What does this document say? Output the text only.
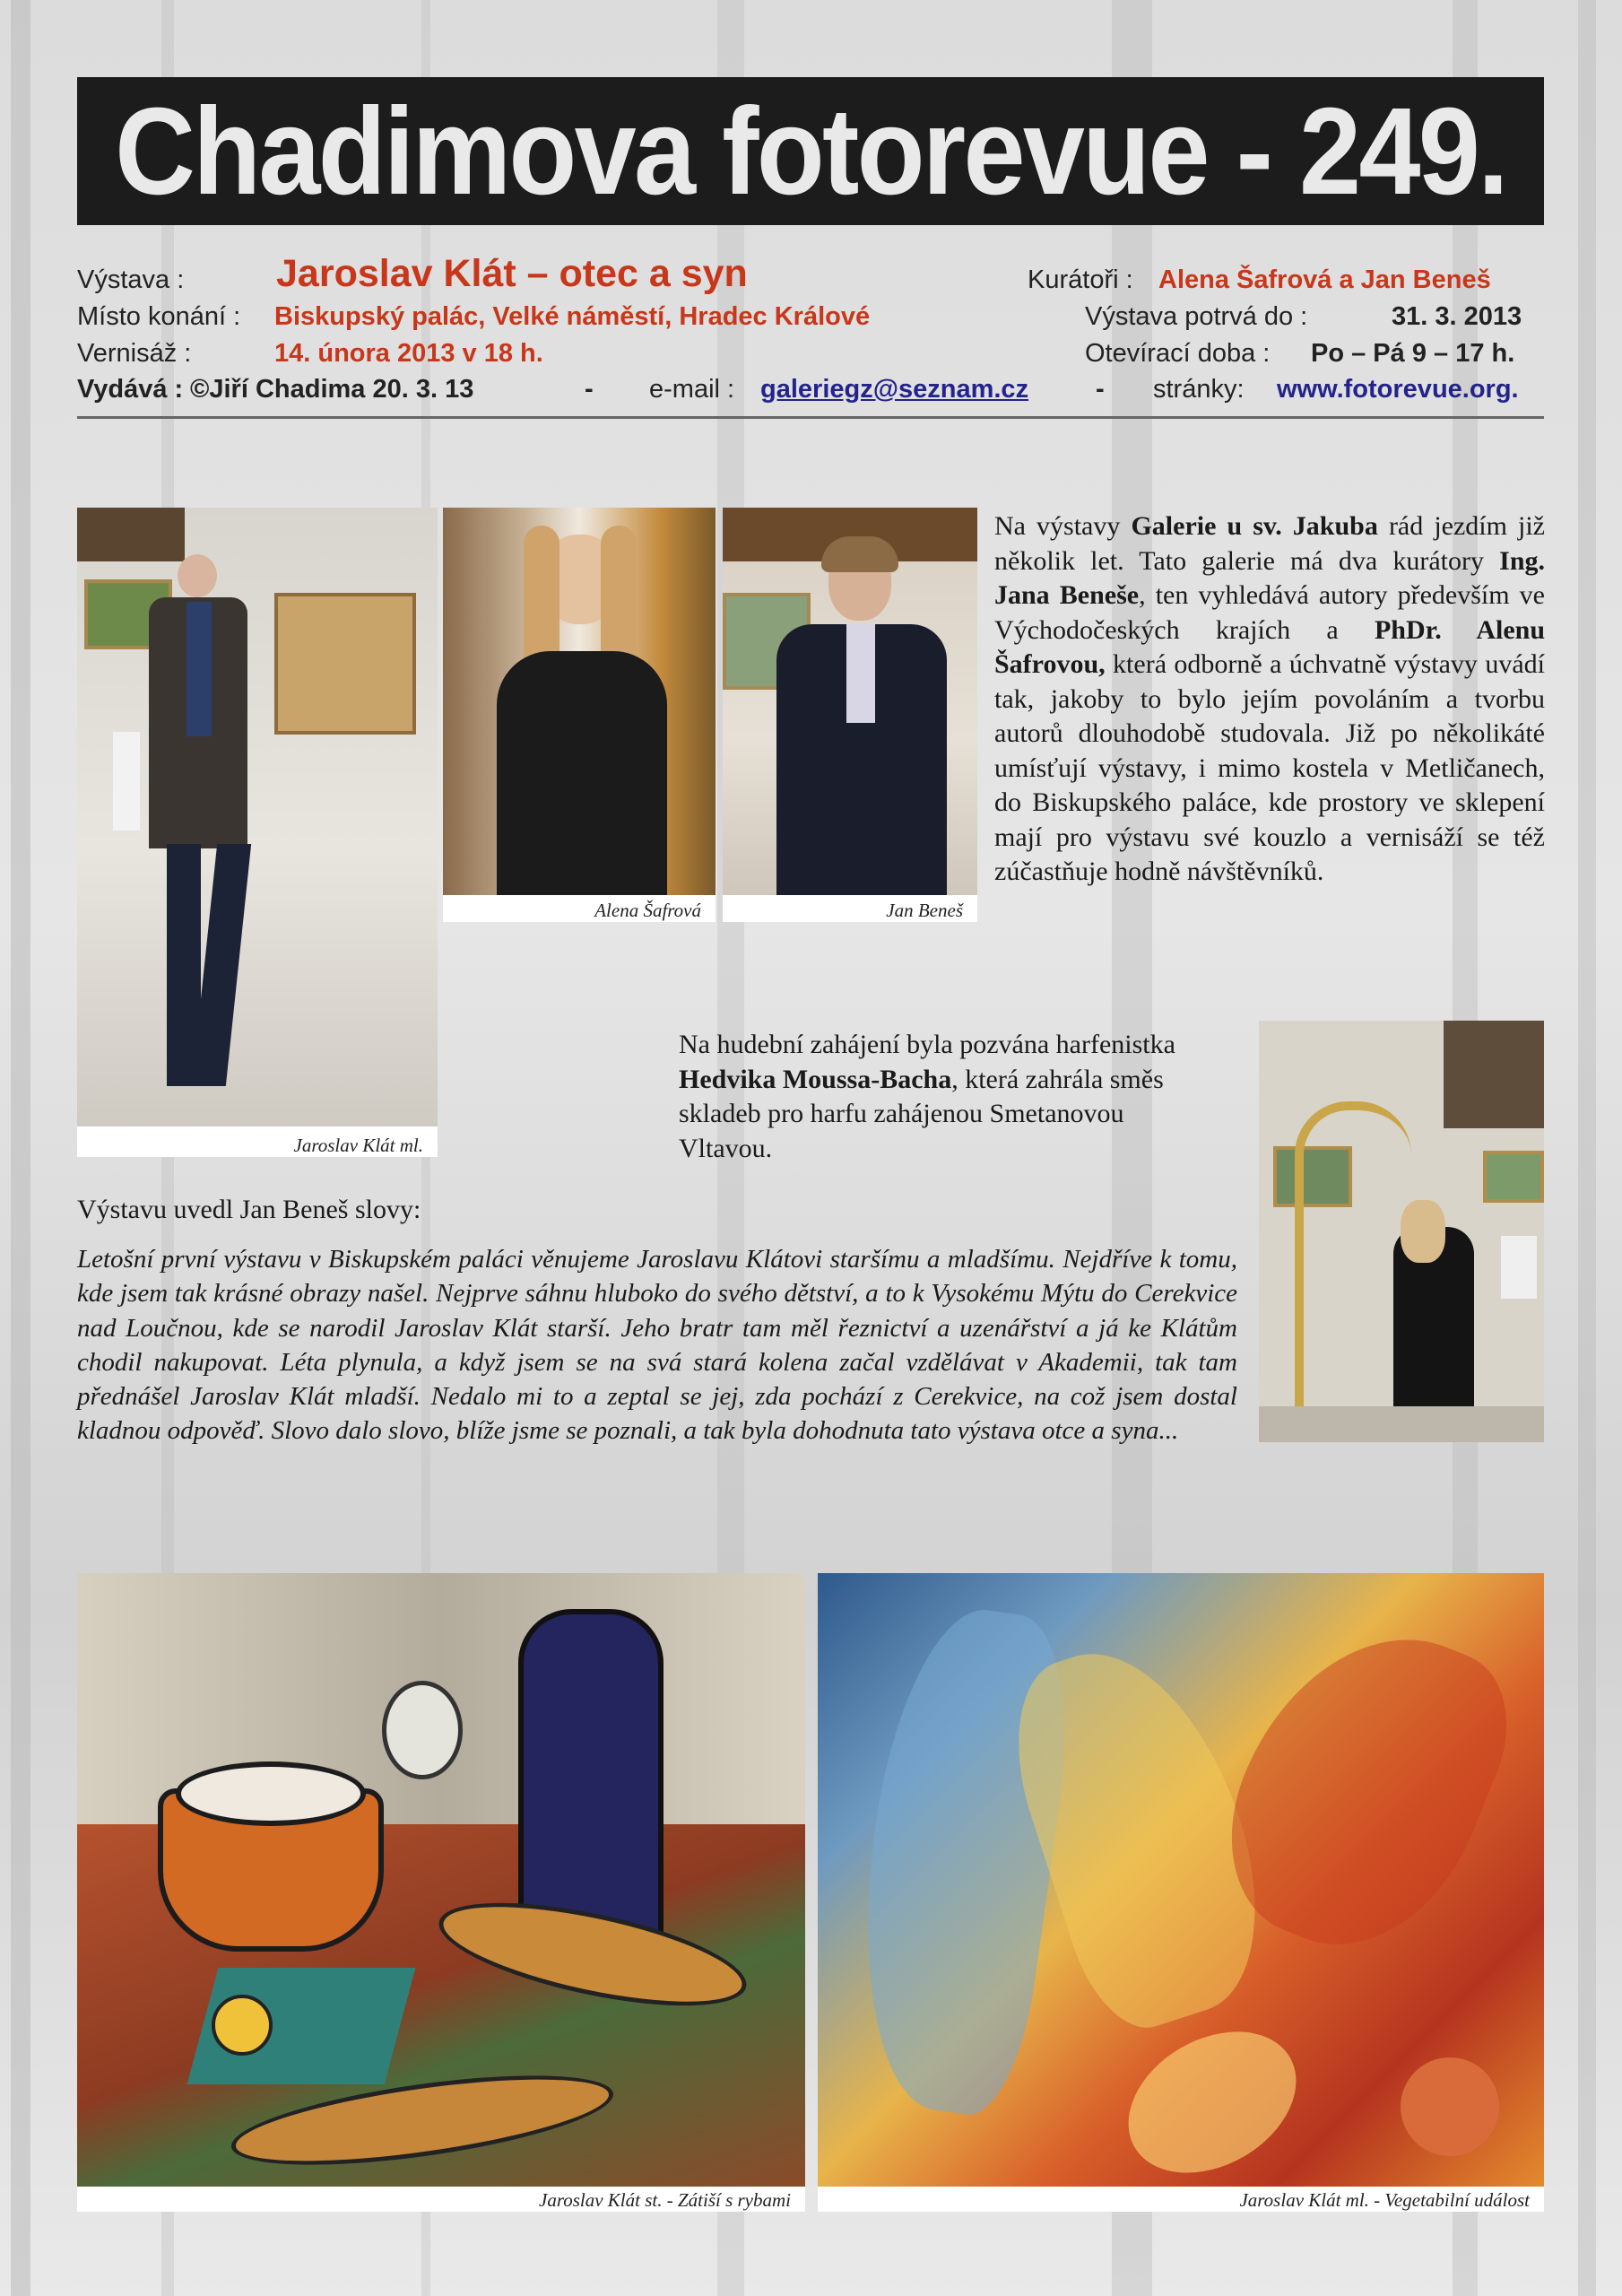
Chadimova fotorevue - 249.
Výstava : Jaroslav Klát – otec a syn
Místo konání : Biskupský palác, Velké náměstí, Hradec Králové
Vernisáž :	14. února 2013 v 18 h.
Vydává : ©Jiří Chadima 20. 3. 13	- e-mail : galeriegz@seznam.cz	- stránky: www.fotorevue.org.
Kurátoři : Alena Šafrová a Jan Beneš
Výstava potrvá do :	31. 3. 2013
Otevírací doba : Po – Pá 9 – 17 h.
Jaroslav Klát ml.
Alena Šafrová	Jan Beneš
Na výstavy Galerie u sv. Jakuba rád jezdím již několik let. Tato galerie má dva kurátory Ing. Jana Beneše, ten vyhledává autory především ve Východočeských krajích a PhDr. Alenu Šafrovou, která odborně a úchvatně výstavy uvádí tak, jakoby to bylo jejím povoláním a tvorbu autorů dlouhodobě studovala. Již po několikáté umísťují výstavy, i mimo kostela v Metličanech, do Biskupského paláce, kde prostory ve sklepení mají pro výstavu své kouzlo a vernisáží se též zúčastňuje hodně návštěvníků.
Na hudební zahájení byla pozvána harfenistka Hedvika Moussa-Bacha, která zahrála směs skladeb pro harfu zahájenou Smetanovou Vltavou.
Výstavu uvedl Jan Beneš slovy:
Letošní první výstavu v Biskupském paláci věnujeme Jaroslavu Klátovi staršímu a mladšímu. Nejdříve k tomu, kde jsem tak krásné obrazy našel. Nejprve sáhnu hluboko do svého dětství, a to k Vysokému Mýtu do Cerekvice nad Loučnou, kde se narodil Jaroslav Klát starší. Jeho bratr tam měl řeznictví a uzenářství a já ke Klátům chodil nakupovat. Léta plynula, a když jsem se na svá stará kolena začal vzdělávat v Akademii, tak tam přednášel Jaroslav Klát mladší. Nedalo mi to a zeptal se jej, zda pochází z Cerekvice, na což jsem dostal kladnou odpověď. Slovo dalo slovo, blíže jsme se poznali, a tak byla dohodnuta tato výstava otce a syna...
Jaroslav Klát st. - Zátiší s rybami	Jaroslav Klát ml. - Vegetabilní událost
